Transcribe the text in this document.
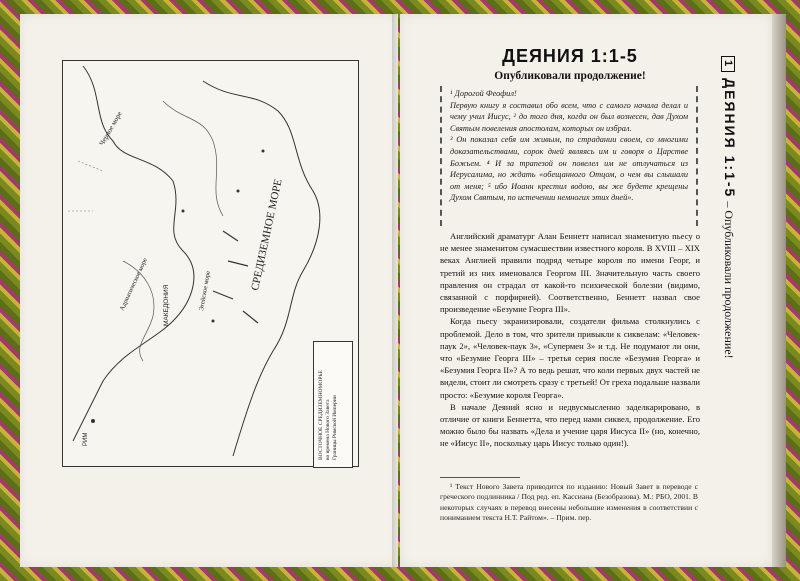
СРЕДИЗЕМНОЕ МОРЕ
Черное море
Адриатическое море	Эгейское море
МАКЕДОНИЯ
РИМ	ВОСТОЧНОЕ СРЕДИЗЕМНОМОРЬЕ во времена Нового Завета Границы Римской Империи
ДЕЯНИЯ 1:1-5
Опубликовали продолжение!

¹ Дорогой Феофил!

Первую книгу я составил обо всем, что с самого начала делал и чему учил Иисус, ² до того дня, когда он был вознесен, дав Духом Святым повеления апостолам, которых он избрал.

³ Он показал себя им живым, по страдании своем, со многими доказательствами, сорок дней являясь им и говоря о Царстве Божьем. ⁴ И за трапезой он повелел им не отлучаться из Иерусалима, но ждать «обещанного Отцом, о чем вы слышали от меня; ⁵ ибо Иоанн крестил водою, вы же будете крещены Духом Святым, по истечении немногих этих дней».

Английский драматург Алан Беннетт написал знаменитую пьесу о не менее знаменитом сумасшествии известного короля. В XVIII – XIX веках Англией правили подряд четыре короля по имени Георг, и третий из них именовался Георгом III. Значительную часть своего правления он страдал от какой-то психической болезни (видимо, связанной с порфирией). Соответственно, Беннетт назвал свое произведение «Безумие Георга III».

Когда пьесу экранизировали, создатели фильма столкнулись с проблемой. Дело в том, что зрители привыкли к сиквелам: «Человек-паук 2», «Человек-паук 3», «Супермен 3» и т.д. Не подумают ли они, что «Безумие Георга III» – третья серия после «Безумия Георга» и «Безумия Георга II»? А то ведь решат, что коли первых двух частей не видели, стоит ли смотреть сразу с третьей! От греха подальше назвали просто: «Безумие короля Георга».

В начале Деяний ясно и недвусмысленно заделкарировано, в отличие от книги Беннетта, что перед нами сиквел, продолжение. Его можно было бы назвать «Дела и учение царя Иисуса II» (но, конечно, не «Иисус II», поскольку царь Иисус только один!).

¹ Текст Нового Завета приводится по изданию: Новый Завет в переводе с греческого подлинника / Под ред. еп. Кассиана (Безобразова). М.: РБО, 2001. В некоторых случаях в перевод внесены небольшие изменения в соответствии с пониманием текста Н.Т. Райтом». – Прим. пер.

1ДЕЯНИЯ 1:1-5 – Опубликовали продолжение!
